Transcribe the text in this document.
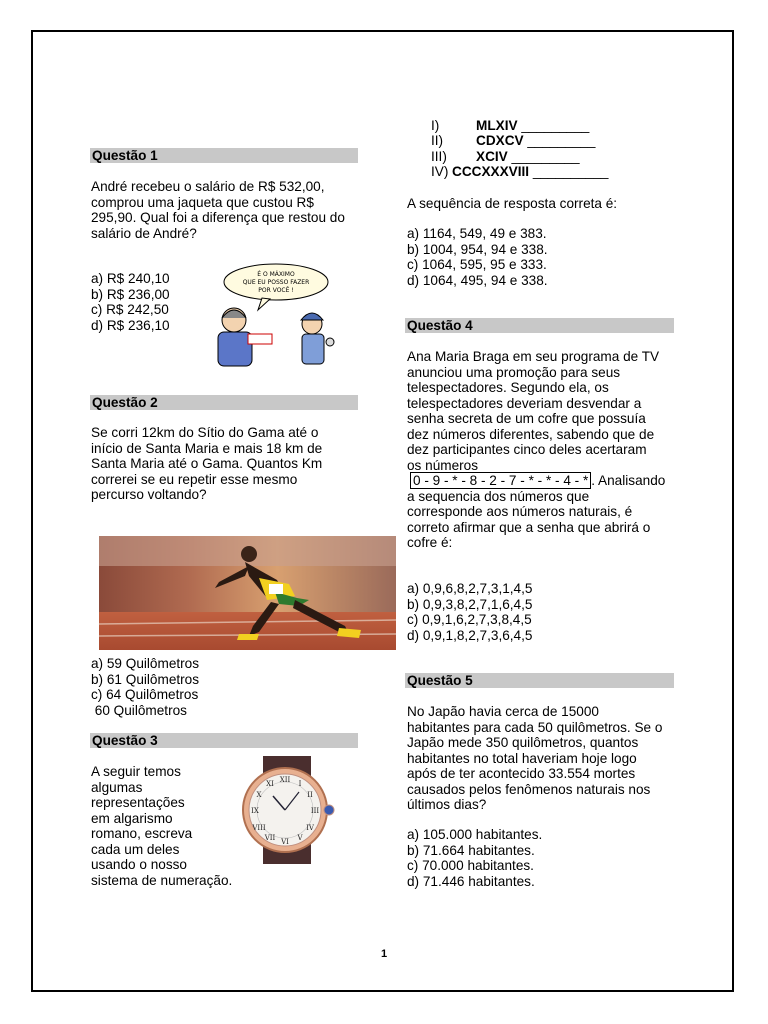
Questão 1
André recebeu o salário de R$ 532,00,
comprou uma jaqueta que custou R$
295,90. Qual foi a diferença que restou do
salário de André?
a) R$ 240,10
b) R$ 236,00
c) R$ 242,50
d) R$ 236,10
É O MÁXIMO
QUE EU POSSO FAZER
POR VOCÊ !
Questão 2
Se corri 12km do Sítio do Gama até o
início de Santa Maria e mais 18 km de
Santa Maria até o Gama. Quantos Km
correrei se eu repetir esse mesmo
percurso voltando?
a) 59 Quilômetros
b) 61 Quilômetros
c) 64 Quilômetros
60 Quilômetros
Questão 3
A seguir temos
algumas
representações
em algarismo
romano, escreva
cada um deles
usando o nosso
sistema de numeração.
XII
III
VI
IX
I
II
IV
V
VII
VIII
X
XI
I)	MLXIV _________
II) CDXCV _________
III) XCIV _________
IV) CCCXXXVIII __________
A sequência de resposta correta é:
a) 1164, 549, 49 e 383.
b) 1004, 954, 94 e 338.
c) 1064, 595, 95 e 333.
d) 1064, 495, 94 e 338.
Questão 4
Ana Maria Braga em seu programa de TV
anunciou uma promoção para seus
telespectadores. Segundo ela, os
telespectadores deveriam desvendar a
senha secreta de um cofre que possuía
dez números diferentes, sabendo que de
dez participantes cinco deles acertaram
os números
0 - 9 - * - 8 - 2 - 7 - * - * - 4 - * . Analisando
a sequencia dos números que
corresponde aos números naturais, é
correto afirmar que a senha que abrirá o
cofre é:
a) 0,9,6,8,2,7,3,1,4,5
b) 0,9,3,8,2,7,1,6,4,5
c) 0,9,1,6,2,7,3,8,4,5
d) 0,9,1,8,2,7,3,6,4,5
Questão 5
No Japão havia cerca de 15000
habitantes para cada 50 quilômetros. Se o
Japão mede 350 quilômetros, quantos
habitantes no total haveriam hoje logo
após de ter acontecido 33.554 mortes
causados pelos fenômenos naturais nos
últimos dias?
a) 105.000 habitantes.
b) 71.664 habitantes.
c) 70.000 habitantes.
d) 71.446 habitantes.
1
